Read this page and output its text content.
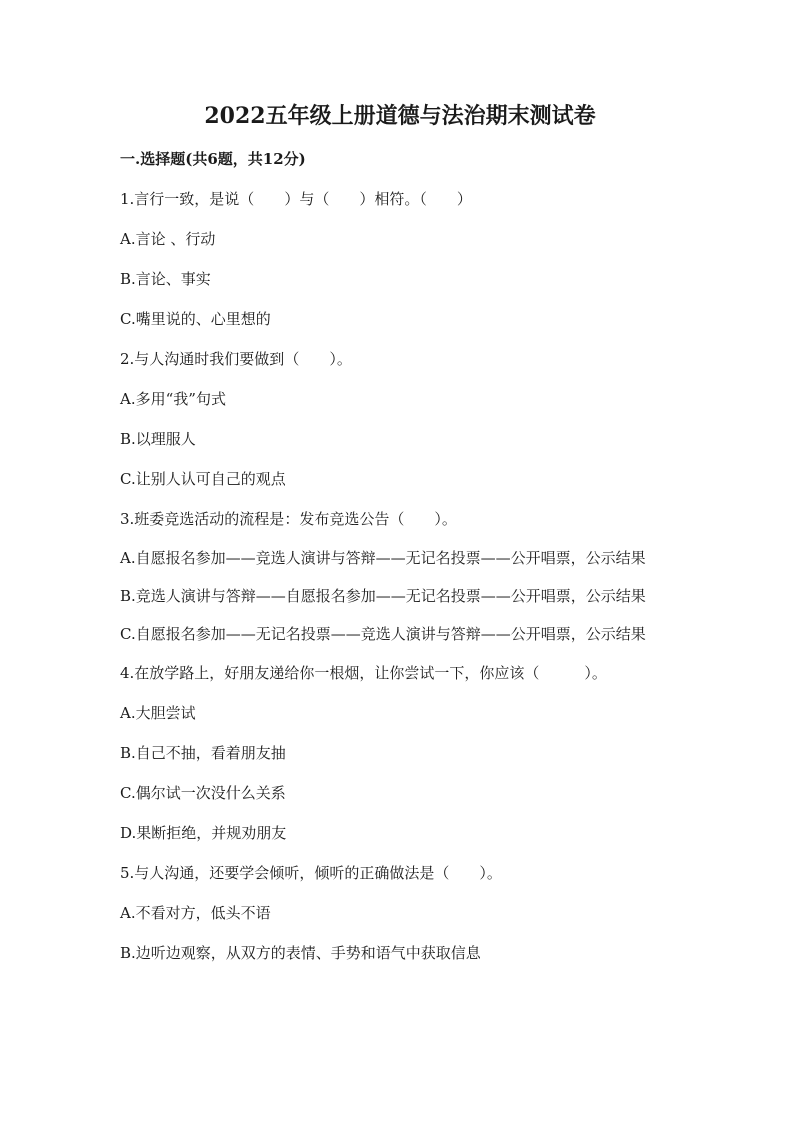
2022五年级上册道德与法治期末测试卷
一.选择题(共6题，共12分)
1.言行一致，是说（　　）与（　　）相符。（　　）
A.言论 、行动
B.言论、事实
C.嘴里说的、心里想的
2.与人沟通时我们要做到（　　）。
A.多用“我”句式
B.以理服人
C.让别人认可自己的观点
3.班委竞选活动的流程是：发布竞选公告（　　）。
A.自愿报名参加——竞选人演讲与答辩——无记名投票——公开唱票，公示结果
B.竞选人演讲与答辩——自愿报名参加——无记名投票——公开唱票，公示结果
C.自愿报名参加——无记名投票——竞选人演讲与答辩——公开唱票，公示结果
4.在放学路上，好朋友递给你一根烟，让你尝试一下，你应该（　　　）。
A.大胆尝试
B.自己不抽，看着朋友抽
C.偶尔试一次没什么关系
D.果断拒绝，并规劝朋友
5.与人沟通，还要学会倾听，倾听的正确做法是（　　）。
A.不看对方，低头不语
B.边听边观察，从双方的表情、手势和语气中获取信息
